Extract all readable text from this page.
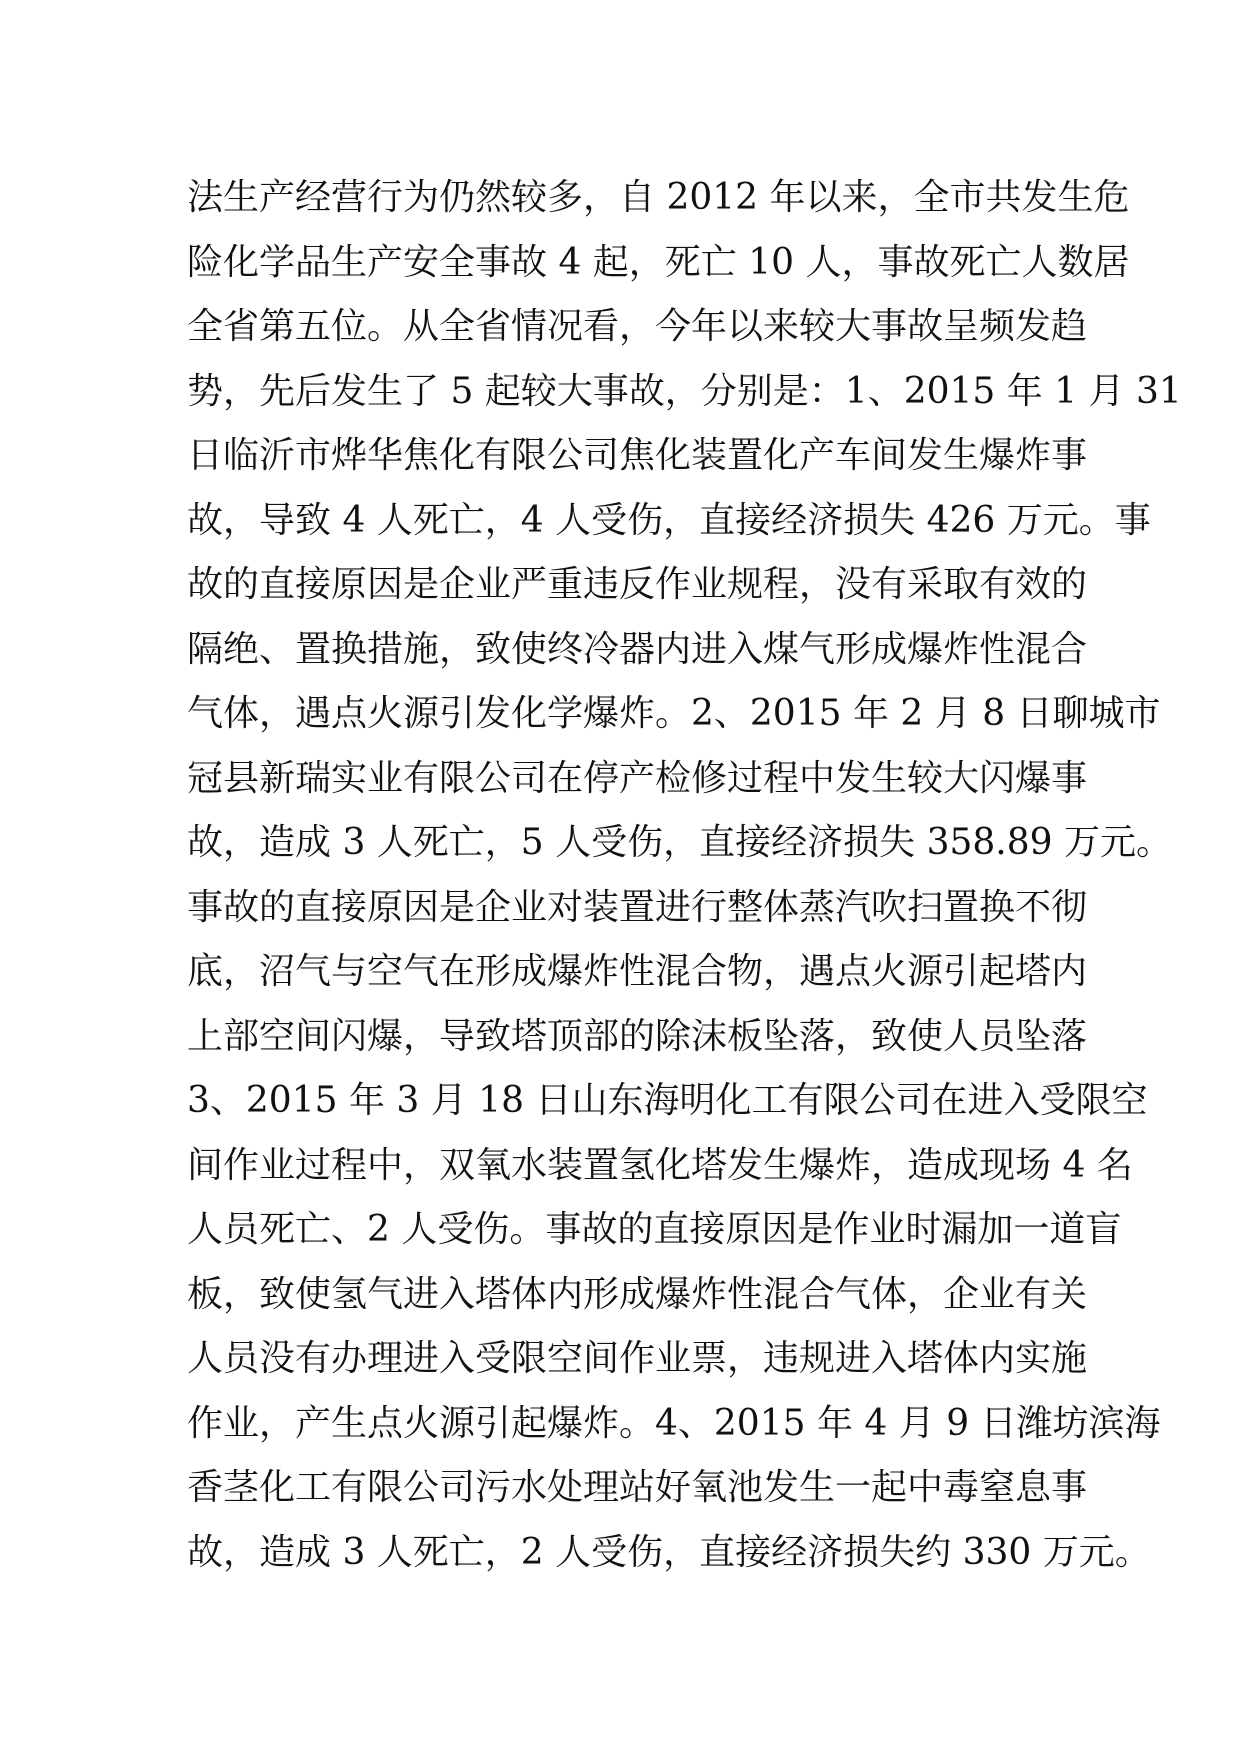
法生产经营行为仍然较多，自 2012 年以来，全市共发生危
险化学品生产安全事故 4 起，死亡 10 人，事故死亡人数居
全省第五位。从全省情况看，今年以来较大事故呈频发趋
势，先后发生了 5 起较大事故，分别是：1、2015 年 1 月 31
日临沂市烨华焦化有限公司焦化装置化产车间发生爆炸事
故，导致 4 人死亡，4 人受伤，直接经济损失 426 万元。事
故的直接原因是企业严重违反作业规程，没有采取有效的
隔绝、置换措施，致使终冷器内进入煤气形成爆炸性混合
气体，遇点火源引发化学爆炸。2、2015 年 2 月 8 日聊城市
冠县新瑞实业有限公司在停产检修过程中发生较大闪爆事
故，造成 3 人死亡，5 人受伤，直接经济损失 358.89 万元。
事故的直接原因是企业对装置进行整体蒸汽吹扫置换不彻
底，沼气与空气在形成爆炸性混合物，遇点火源引起塔内
上部空间闪爆，导致塔顶部的除沫板坠落，致使人员坠落
3、2015 年 3 月 18 日山东海明化工有限公司在进入受限空
间作业过程中，双氧水装置氢化塔发生爆炸，造成现场 4 名
人员死亡、2 人受伤。事故的直接原因是作业时漏加一道盲
板，致使氢气进入塔体内形成爆炸性混合气体，企业有关
人员没有办理进入受限空间作业票，违规进入塔体内实施
作业，产生点火源引起爆炸。4、2015 年 4 月 9 日潍坊滨海
香茎化工有限公司污水处理站好氧池发生一起中毒窒息事
故，造成 3 人死亡，2 人受伤，直接经济损失约 330 万元。
